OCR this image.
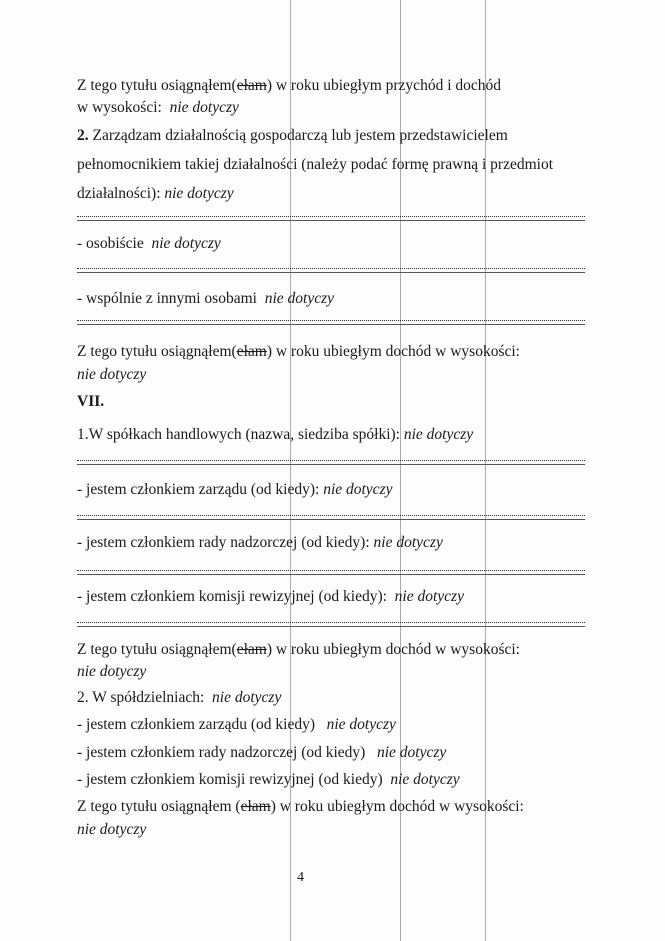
Z tego tytułu osiągnąłem(ełam) w roku ubiegłym przychód i dochód
w wysokości: nie dotyczy
2. Zarządzam działalnością gospodarczą lub jestem przedstawicielem
pełnomocnikiem takiej działalności (należy podać formę prawną i przedmiot
działalności): nie dotyczy
- osobiście nie dotyczy
- wspólnie z innymi osobami nie dotyczy
Z tego tytułu osiągnąłem(ełam) w roku ubiegłym dochód w wysokości:
nie dotyczy
VII.
1.W spółkach handlowych (nazwa, siedziba spółki): nie dotyczy
- jestem członkiem zarządu (od kiedy): nie dotyczy
- jestem członkiem rady nadzorczej (od kiedy): nie dotyczy
- jestem członkiem komisji rewizyjnej (od kiedy): nie dotyczy
Z tego tytułu osiągnąłem(ełam) w roku ubiegłym dochód w wysokości:
nie dotyczy
2. W spółdzielniach: nie dotyczy
- jestem członkiem zarządu (od kiedy) nie dotyczy
- jestem członkiem rady nadzorczej (od kiedy) nie dotyczy
- jestem członkiem komisji rewizyjnej (od kiedy) nie dotyczy
Z tego tytułu osiągnąłem (ełam) w roku ubiegłym dochód w wysokości:
nie dotyczy
4
